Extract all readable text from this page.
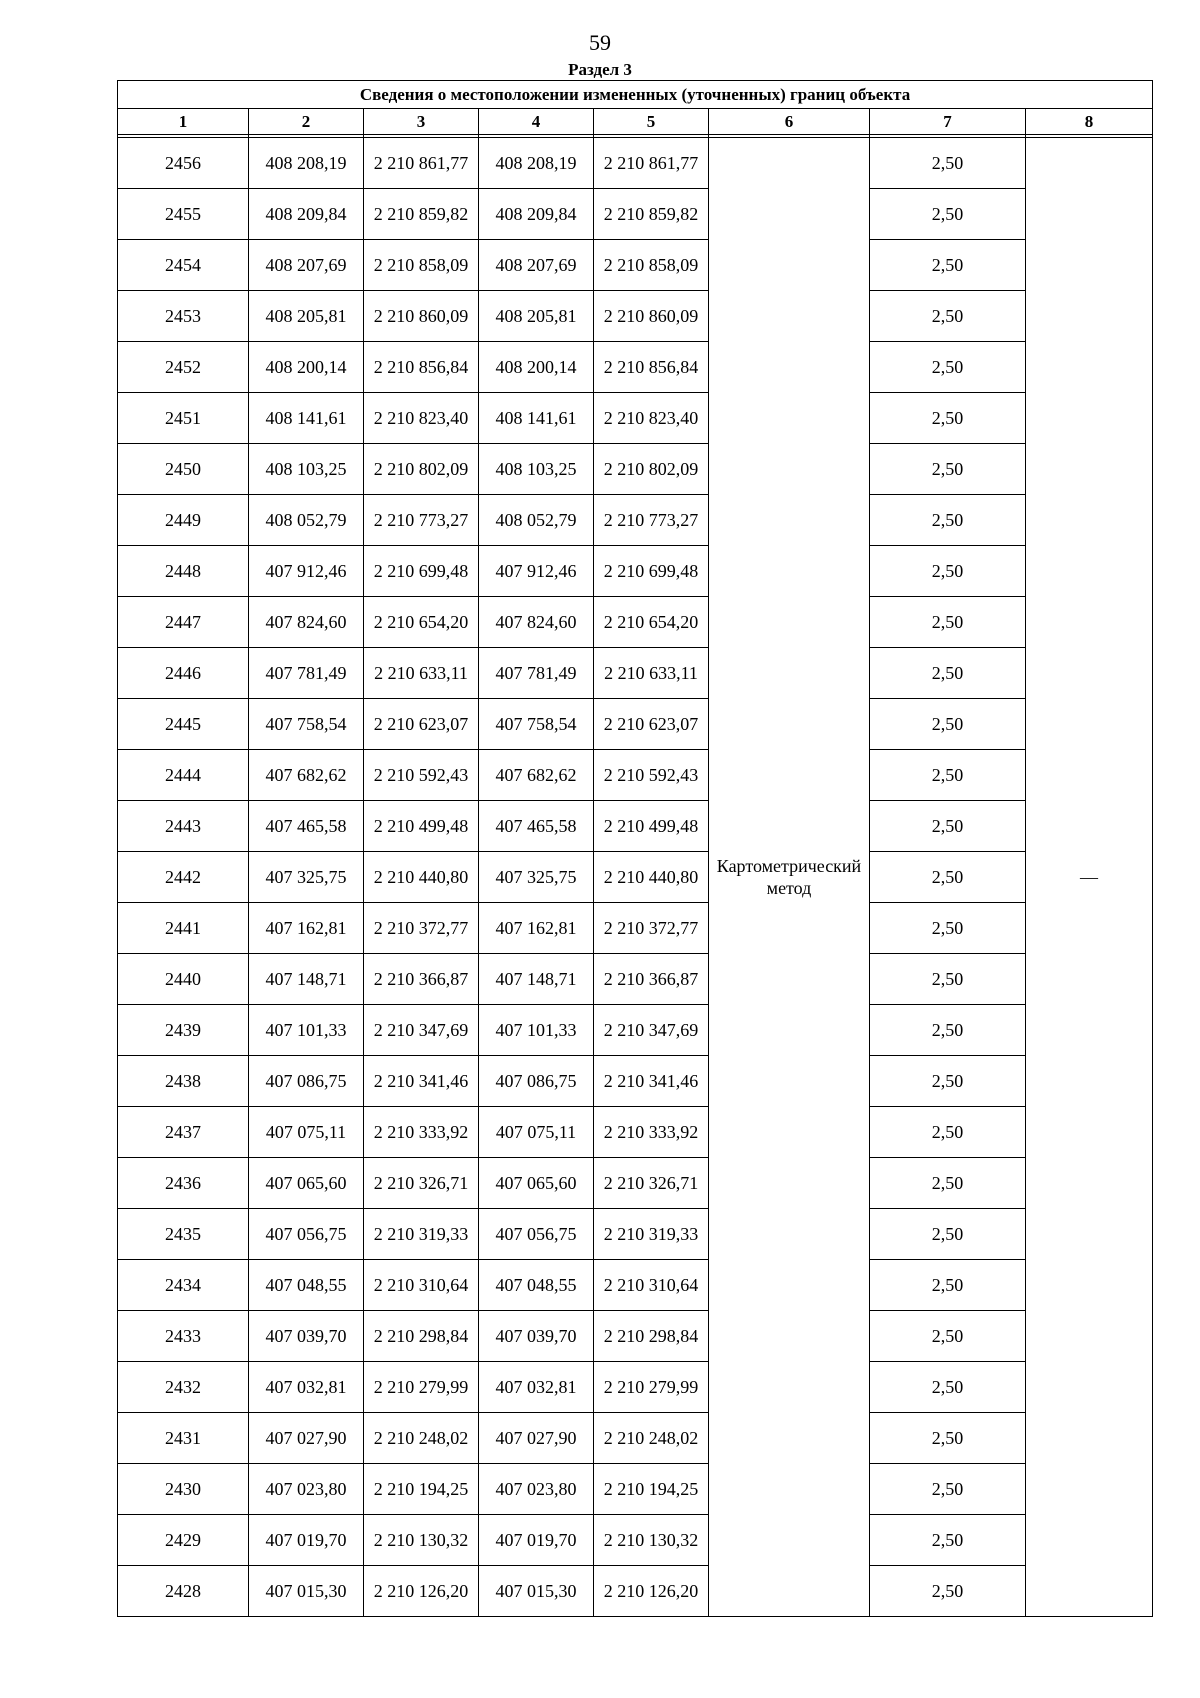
59
Раздел 3
Сведения о местоположении измененных (уточненных) границ объекта							
1	2	3	4	5	6	7	8

2456	408 208,19	2 210 861,77	408 208,19	2 210 861,77	Картометрический метод	2,50	—
2455	408 209,84	2 210 859,82	408 209,84	2 210 859,82		2,50	
2454	408 207,69	2 210 858,09	408 207,69	2 210 858,09		2,50	
2453	408 205,81	2 210 860,09	408 205,81	2 210 860,09		2,50	
2452	408 200,14	2 210 856,84	408 200,14	2 210 856,84		2,50	
2451	408 141,61	2 210 823,40	408 141,61	2 210 823,40		2,50	
2450	408 103,25	2 210 802,09	408 103,25	2 210 802,09		2,50	
2449	408 052,79	2 210 773,27	408 052,79	2 210 773,27		2,50	
2448	407 912,46	2 210 699,48	407 912,46	2 210 699,48		2,50	
2447	407 824,60	2 210 654,20	407 824,60	2 210 654,20		2,50	
2446	407 781,49	2 210 633,11	407 781,49	2 210 633,11		2,50	
2445	407 758,54	2 210 623,07	407 758,54	2 210 623,07		2,50	
2444	407 682,62	2 210 592,43	407 682,62	2 210 592,43		2,50	
2443	407 465,58	2 210 499,48	407 465,58	2 210 499,48		2,50	
2442	407 325,75	2 210 440,80	407 325,75	2 210 440,80		2,50	
2441	407 162,81	2 210 372,77	407 162,81	2 210 372,77		2,50	
2440	407 148,71	2 210 366,87	407 148,71	2 210 366,87		2,50	
2439	407 101,33	2 210 347,69	407 101,33	2 210 347,69		2,50	
2438	407 086,75	2 210 341,46	407 086,75	2 210 341,46		2,50	
2437	407 075,11	2 210 333,92	407 075,11	2 210 333,92		2,50	
2436	407 065,60	2 210 326,71	407 065,60	2 210 326,71		2,50	
2435	407 056,75	2 210 319,33	407 056,75	2 210 319,33		2,50	
2434	407 048,55	2 210 310,64	407 048,55	2 210 310,64		2,50	
2433	407 039,70	2 210 298,84	407 039,70	2 210 298,84		2,50	
2432	407 032,81	2 210 279,99	407 032,81	2 210 279,99		2,50	
2431	407 027,90	2 210 248,02	407 027,90	2 210 248,02		2,50	
2430	407 023,80	2 210 194,25	407 023,80	2 210 194,25		2,50	
2429	407 019,70	2 210 130,32	407 019,70	2 210 130,32		2,50	
2428	407 015,30	2 210 126,20	407 015,30	2 210 126,20		2,50	
